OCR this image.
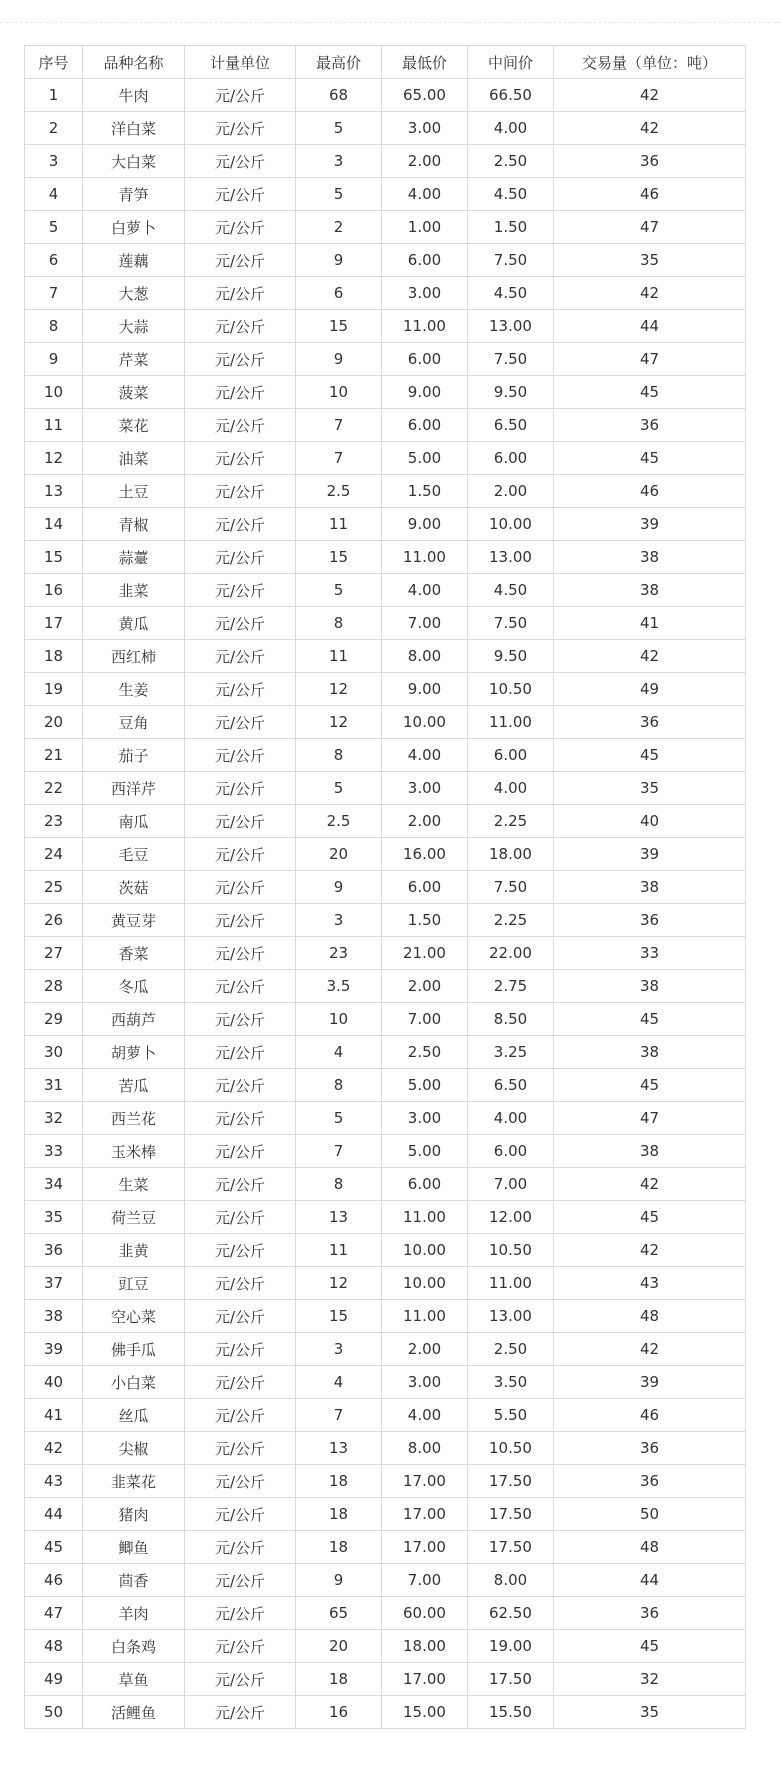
序号	品种名称	计量单位	最高价	最低价	中间价	交易量（单位：吨）
1	牛肉	元/公斤	68	65.00	66.50	42
2	洋白菜	元/公斤	5	3.00	4.00	42
3	大白菜	元/公斤	3	2.00	2.50	36
4	青笋	元/公斤	5	4.00	4.50	46
5	白萝卜	元/公斤	2	1.00	1.50	47
6	莲藕	元/公斤	9	6.00	7.50	35
7	大葱	元/公斤	6	3.00	4.50	42
8	大蒜	元/公斤	15	11.00	13.00	44
9	芹菜	元/公斤	9	6.00	7.50	47
10	菠菜	元/公斤	10	9.00	9.50	45
11	菜花	元/公斤	7	6.00	6.50	36
12	油菜	元/公斤	7	5.00	6.00	45
13	土豆	元/公斤	2.5	1.50	2.00	46
14	青椒	元/公斤	11	9.00	10.00	39
15	蒜薹	元/公斤	15	11.00	13.00	38
16	韭菜	元/公斤	5	4.00	4.50	38
17	黄瓜	元/公斤	8	7.00	7.50	41
18	西红柿	元/公斤	11	8.00	9.50	42
19	生姜	元/公斤	12	9.00	10.50	49
20	豆角	元/公斤	12	10.00	11.00	36
21	茄子	元/公斤	8	4.00	6.00	45
22	西洋芹	元/公斤	5	3.00	4.00	35
23	南瓜	元/公斤	2.5	2.00	2.25	40
24	毛豆	元/公斤	20	16.00	18.00	39
25	茨菇	元/公斤	9	6.00	7.50	38
26	黄豆芽	元/公斤	3	1.50	2.25	36
27	香菜	元/公斤	23	21.00	22.00	33
28	冬瓜	元/公斤	3.5	2.00	2.75	38
29	西葫芦	元/公斤	10	7.00	8.50	45
30	胡萝卜	元/公斤	4	2.50	3.25	38
31	苦瓜	元/公斤	8	5.00	6.50	45
32	西兰花	元/公斤	5	3.00	4.00	47
33	玉米棒	元/公斤	7	5.00	6.00	38
34	生菜	元/公斤	8	6.00	7.00	42
35	荷兰豆	元/公斤	13	11.00	12.00	45
36	韭黄	元/公斤	11	10.00	10.50	42
37	豇豆	元/公斤	12	10.00	11.00	43
38	空心菜	元/公斤	15	11.00	13.00	48
39	佛手瓜	元/公斤	3	2.00	2.50	42
40	小白菜	元/公斤	4	3.00	3.50	39
41	丝瓜	元/公斤	7	4.00	5.50	46
42	尖椒	元/公斤	13	8.00	10.50	36
43	韭菜花	元/公斤	18	17.00	17.50	36
44	猪肉	元/公斤	18	17.00	17.50	50
45	鲫鱼	元/公斤	18	17.00	17.50	48
46	茴香	元/公斤	9	7.00	8.00	44
47	羊肉	元/公斤	65	60.00	62.50	36
48	白条鸡	元/公斤	20	18.00	19.00	45
49	草鱼	元/公斤	18	17.00	17.50	32
50	活鲤鱼	元/公斤	16	15.00	15.50	35
